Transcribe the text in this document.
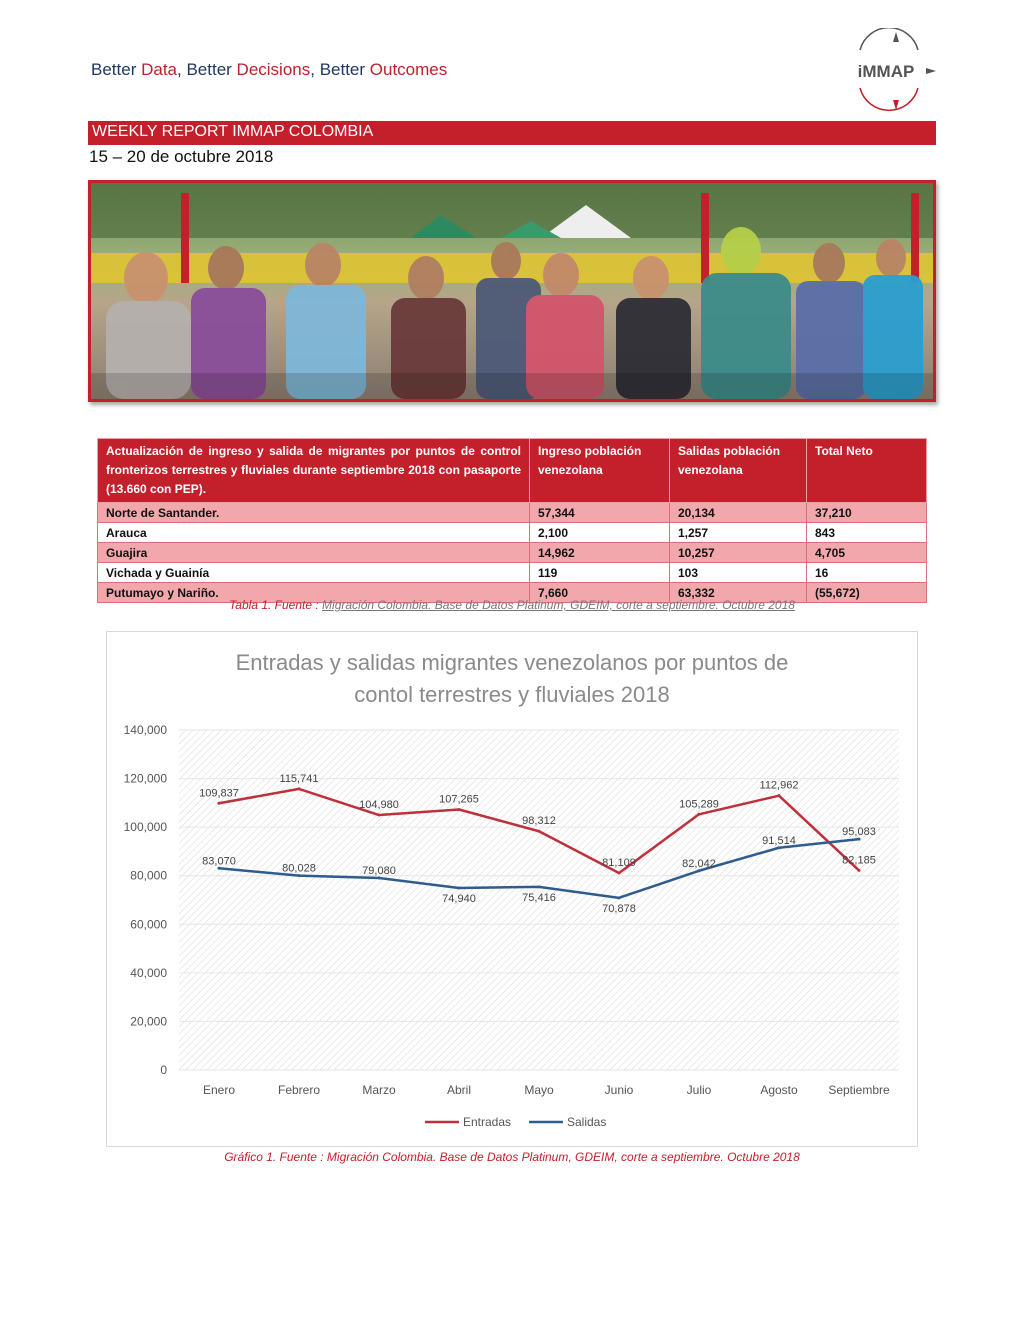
Better Data, Better Decisions, Better Outcomes	iMMAP
WEEKLY REPORT IMMAP COLOMBIA
15 – 20 de octubre 2018
Actualización de ingreso y salida de migrantes por puntos de control fronterizos terrestres y fluviales durante septiembre 2018 con pasaporte (13.660 con PEP).	Ingreso población venezolana	Salidas población venezolana	Total Neto
Norte de Santander.	57,344	20,134	37,210
Arauca	2,100	1,257	843
Guajira	14,962	10,257	4,705
Vichada y Guainía	119	103	16
Putumayo y Nariño.	7,660	63,332	(55,672)
Tabla 1. Fuente : Migración Colombia. Base de Datos Platinum, GDEIM, corte a septiembre. Octubre 2018
Entradas y salidas migrantes venezolanos por puntos de
contol terrestres y fluviales 2018
0
20,000
40,000
60,000
80,000
100,000
120,000
140,000
Enero	Febrero	Marzo	Abril	Mayo	Junio	Julio	Agosto	Septiembre
109,837
115,741
104,980	107,265
98,312
81,109
105,289
112,962
82,185
83,070
80,028	79,080
74,940	75,416
70,878
82,042
91,514
95,083
Entradas	Salidas
Gráfico 1. Fuente : Migración Colombia. Base de Datos Platinum, GDEIM, corte a septiembre. Octubre 2018
